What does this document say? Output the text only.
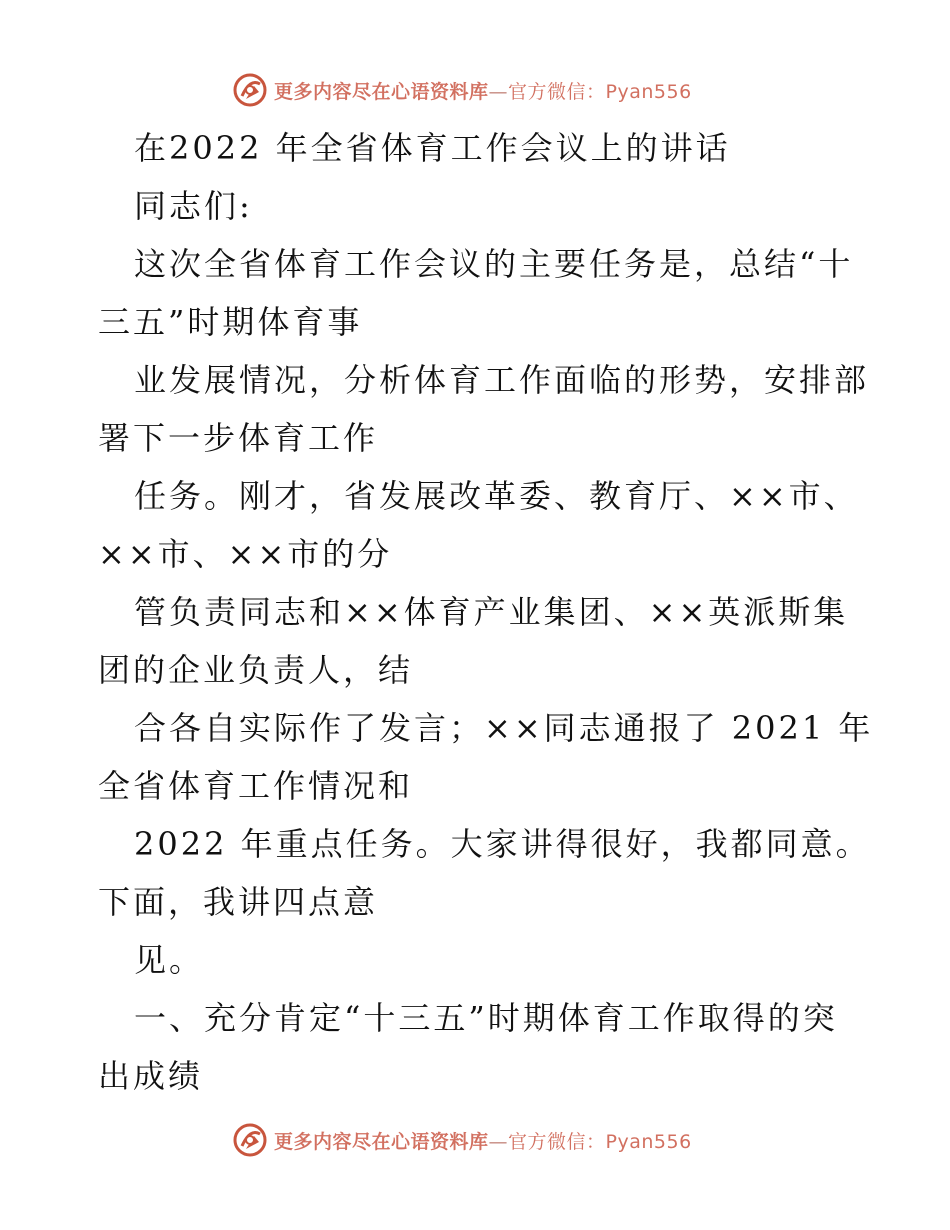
更多内容尽在心语资料库—官方微信：Pyan556
在2022 年全省体育工作会议上的讲话
同志们:
这次全省体育工作会议的主要任务是，总结“十
三五”时期体育事
业发展情况，分析体育工作面临的形势，安排部
署下一步体育工作
任务。刚才，省发展改革委、教育厅、××市、
××市、××市的分
管负责同志和××体育产业集团、××英派斯集
团的企业负责人，结
合各自实际作了发言；××同志通报了 2021 年
全省体育工作情况和
2022 年重点任务。大家讲得很好，我都同意。
下面，我讲四点意
见。
一、充分肯定“十三五”时期体育工作取得的突
出成绩
更多内容尽在心语资料库—官方微信：Pyan556
